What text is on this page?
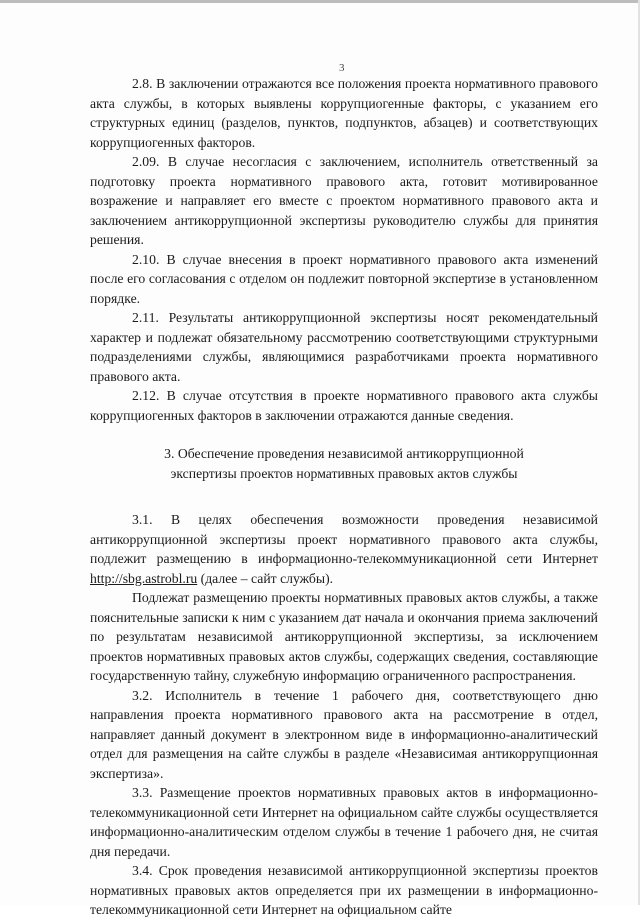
3

2.8. В заключении отражаются все положения проекта нормативного правового акта службы, в которых выявлены коррупциогенные факторы, с указанием его структурных единиц (разделов, пунктов, подпунктов, абзацев) и соответствующих коррупциогенных факторов.

2.09. В случае несогласия с заключением, исполнитель ответственный за подготовку проекта нормативного правового акта, готовит мотивированное возражение и направляет его вместе с проектом нормативного правового акта и заключением антикоррупционной экспертизы руководителю службы для принятия решения.

2.10. В случае внесения в проект нормативного правового акта изменений после его согласования с отделом он подлежит повторной экспертизе в установленном порядке.

2.11. Результаты антикоррупционной экспертизы носят рекомендательный характер и подлежат обязательному рассмотрению соответствующими структурными подразделениями службы, являющимися разработчиками проекта нормативного правового акта.

2.12. В случае отсутствия в проекте нормативного правового акта службы коррупциогенных факторов в заключении отражаются данные сведения.

3. Обеспечение проведения независимой антикоррупционной
экспертизы проектов нормативных правовых актов службы

3.1. В целях обеспечения возможности проведения независимой антикоррупционной экспертизы проект нормативного правового акта службы, подлежит размещению в информационно-телекоммуникационной сети Интернет http://sbg.astrobl.ru (далее – сайт службы).

Подлежат размещению проекты нормативных правовых актов службы, а также пояснительные записки к ним с указанием дат начала и окончания приема заключений по результатам независимой антикоррупционной экспертизы, за исключением проектов нормативных правовых актов службы, содержащих сведения, составляющие государственную тайну, служебную информацию ограниченного распространения.

3.2. Исполнитель в течение 1 рабочего дня, соответствующего дню направления проекта нормативного правового акта на рассмотрение в отдел, направляет данный документ в электронном виде в информационно-аналитический отдел для размещения на сайте службы в разделе «Независимая антикоррупционная экспертиза».

3.3. Размещение проектов нормативных правовых актов в информационно-телекоммуникационной сети Интернет на официальном сайте службы осуществляется информационно-аналитическим отделом службы в течение 1 рабочего дня, не считая дня передачи.

3.4. Срок проведения независимой антикоррупционной экспертизы проектов нормативных правовых актов определяется при их размещении в информационно-телекоммуникационной сети Интернет на официальном сайте
